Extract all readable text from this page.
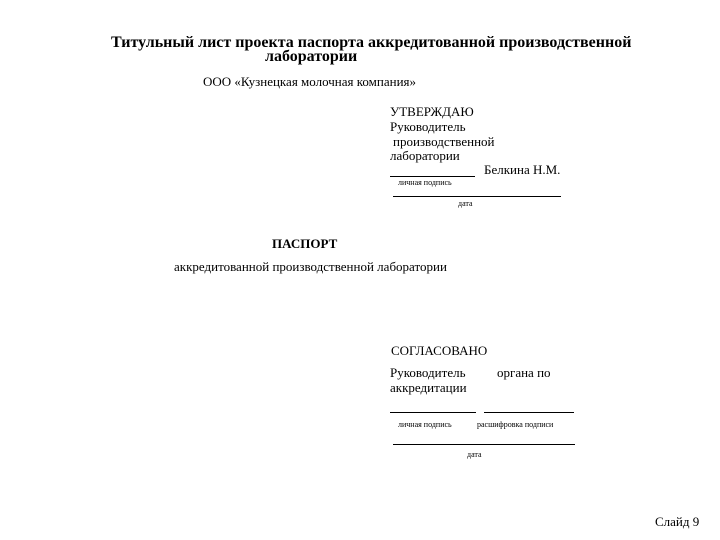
Титульный лист проекта паспорта аккредитованной производственной
лаборатории
ООО «Кузнецкая молочная компания»
УТВЕРЖДАЮ
Руководитель
производственной
лаборатории
Белкина Н.М.
личная подпись
дата
ПАСПОРТ
аккредитованной производственной лаборатории
СОГЛАСОВАНО
Руководитель органа по
аккредитации
личная подпись	расшифровка подписи
дата
Слайд 9
